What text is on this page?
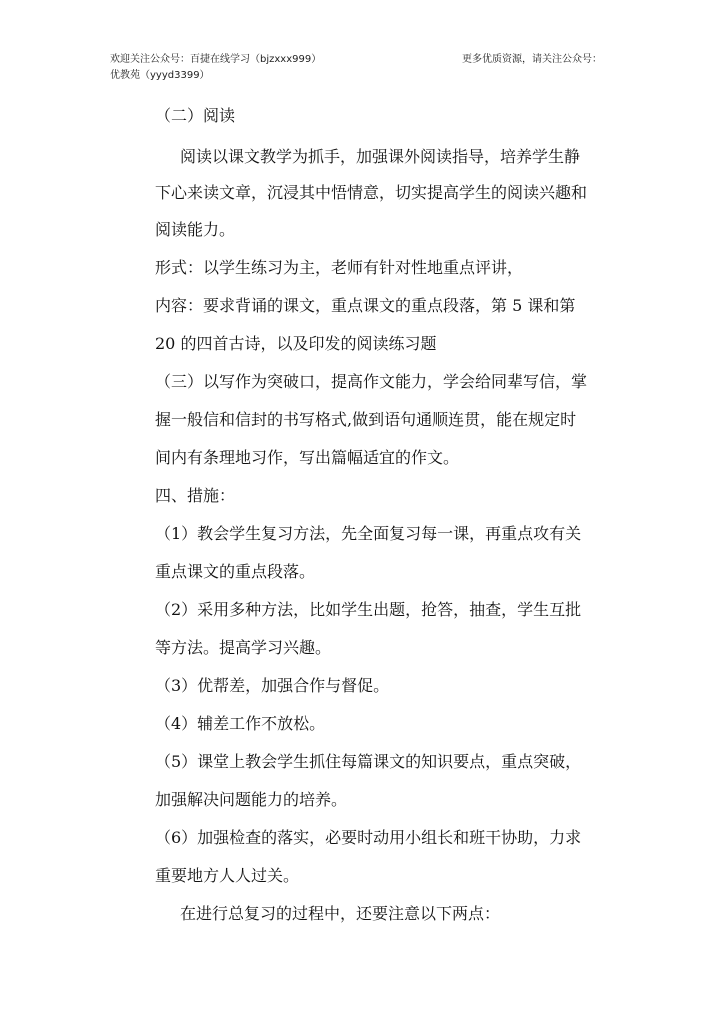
欢迎关注公众号：百捷在线学习（bjzxxx999）	更多优质资源，请关注公众号：
优教苑（yyyd3399）
（二）阅读
阅读以课文教学为抓手，加强课外阅读指导，培养学生静
下心来读文章，沉浸其中悟情意，切实提高学生的阅读兴趣和
阅读能力。
形式：以学生练习为主，老师有针对性地重点评讲，
内容：要求背诵的课文，重点课文的重点段落，第 5 课和第
20 的四首古诗，以及印发的阅读练习题
（三）以写作为突破口，提高作文能力，学会给同辈写信，掌
握一般信和信封的书写格式,做到语句通顺连贯，能在规定时
间内有条理地习作，写出篇幅适宜的作文。
四、措施：
（1）教会学生复习方法，先全面复习每一课，再重点攻有关
重点课文的重点段落。
（2）采用多种方法，比如学生出题，抢答，抽查，学生互批
等方法。提高学习兴趣。
（3）优帮差，加强合作与督促。
（4）辅差工作不放松。
（5）课堂上教会学生抓住每篇课文的知识要点，重点突破，
加强解决问题能力的培养。
（6）加强检查的落实，必要时动用小组长和班干协助，力求
重要地方人人过关。
在进行总复习的过程中，还要注意以下两点：
